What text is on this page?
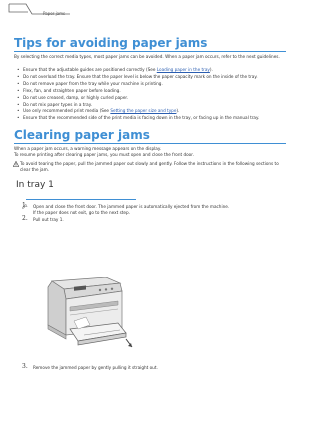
Paper jams
Tips for avoiding paper jams

By selecting the correct media types, most paper jams can be avoided. When a paper jam occurs, refer to the next guidelines.

• Ensure that the adjustable guides are positioned correctly (See Loading paper in the tray).
• Do not overload the tray. Ensure that the paper level is below the paper capacity mark on the inside of the tray.
• Do not remove paper from the tray while your machine is printing.
• Flex, fan, and straighten paper before loading.
• Do not use creased, damp, or highly curled paper.
• Do not mix paper types in a tray.
• Use only recommended print media (See Setting the paper size and type).
• Ensure that the recommended side of the print media is facing down in the tray, or facing up in the manual tray.
Clearing paper jams

When a paper jam occurs, a warning message appears on the display.

To resume printing after clearing paper jams, you must open and close the front door.

To avoid tearing the paper, pull the jammed paper out slowly and gently. Follow the instructions in the following sections to clear the jam.
In tray 1
1. Open and close the front door. The jammed paper is automatically ejected from the machine.
If the paper does not exit, go to the next step.
2. Pull out tray 1.
3. Remove the jammed paper by gently pulling it straight out.
